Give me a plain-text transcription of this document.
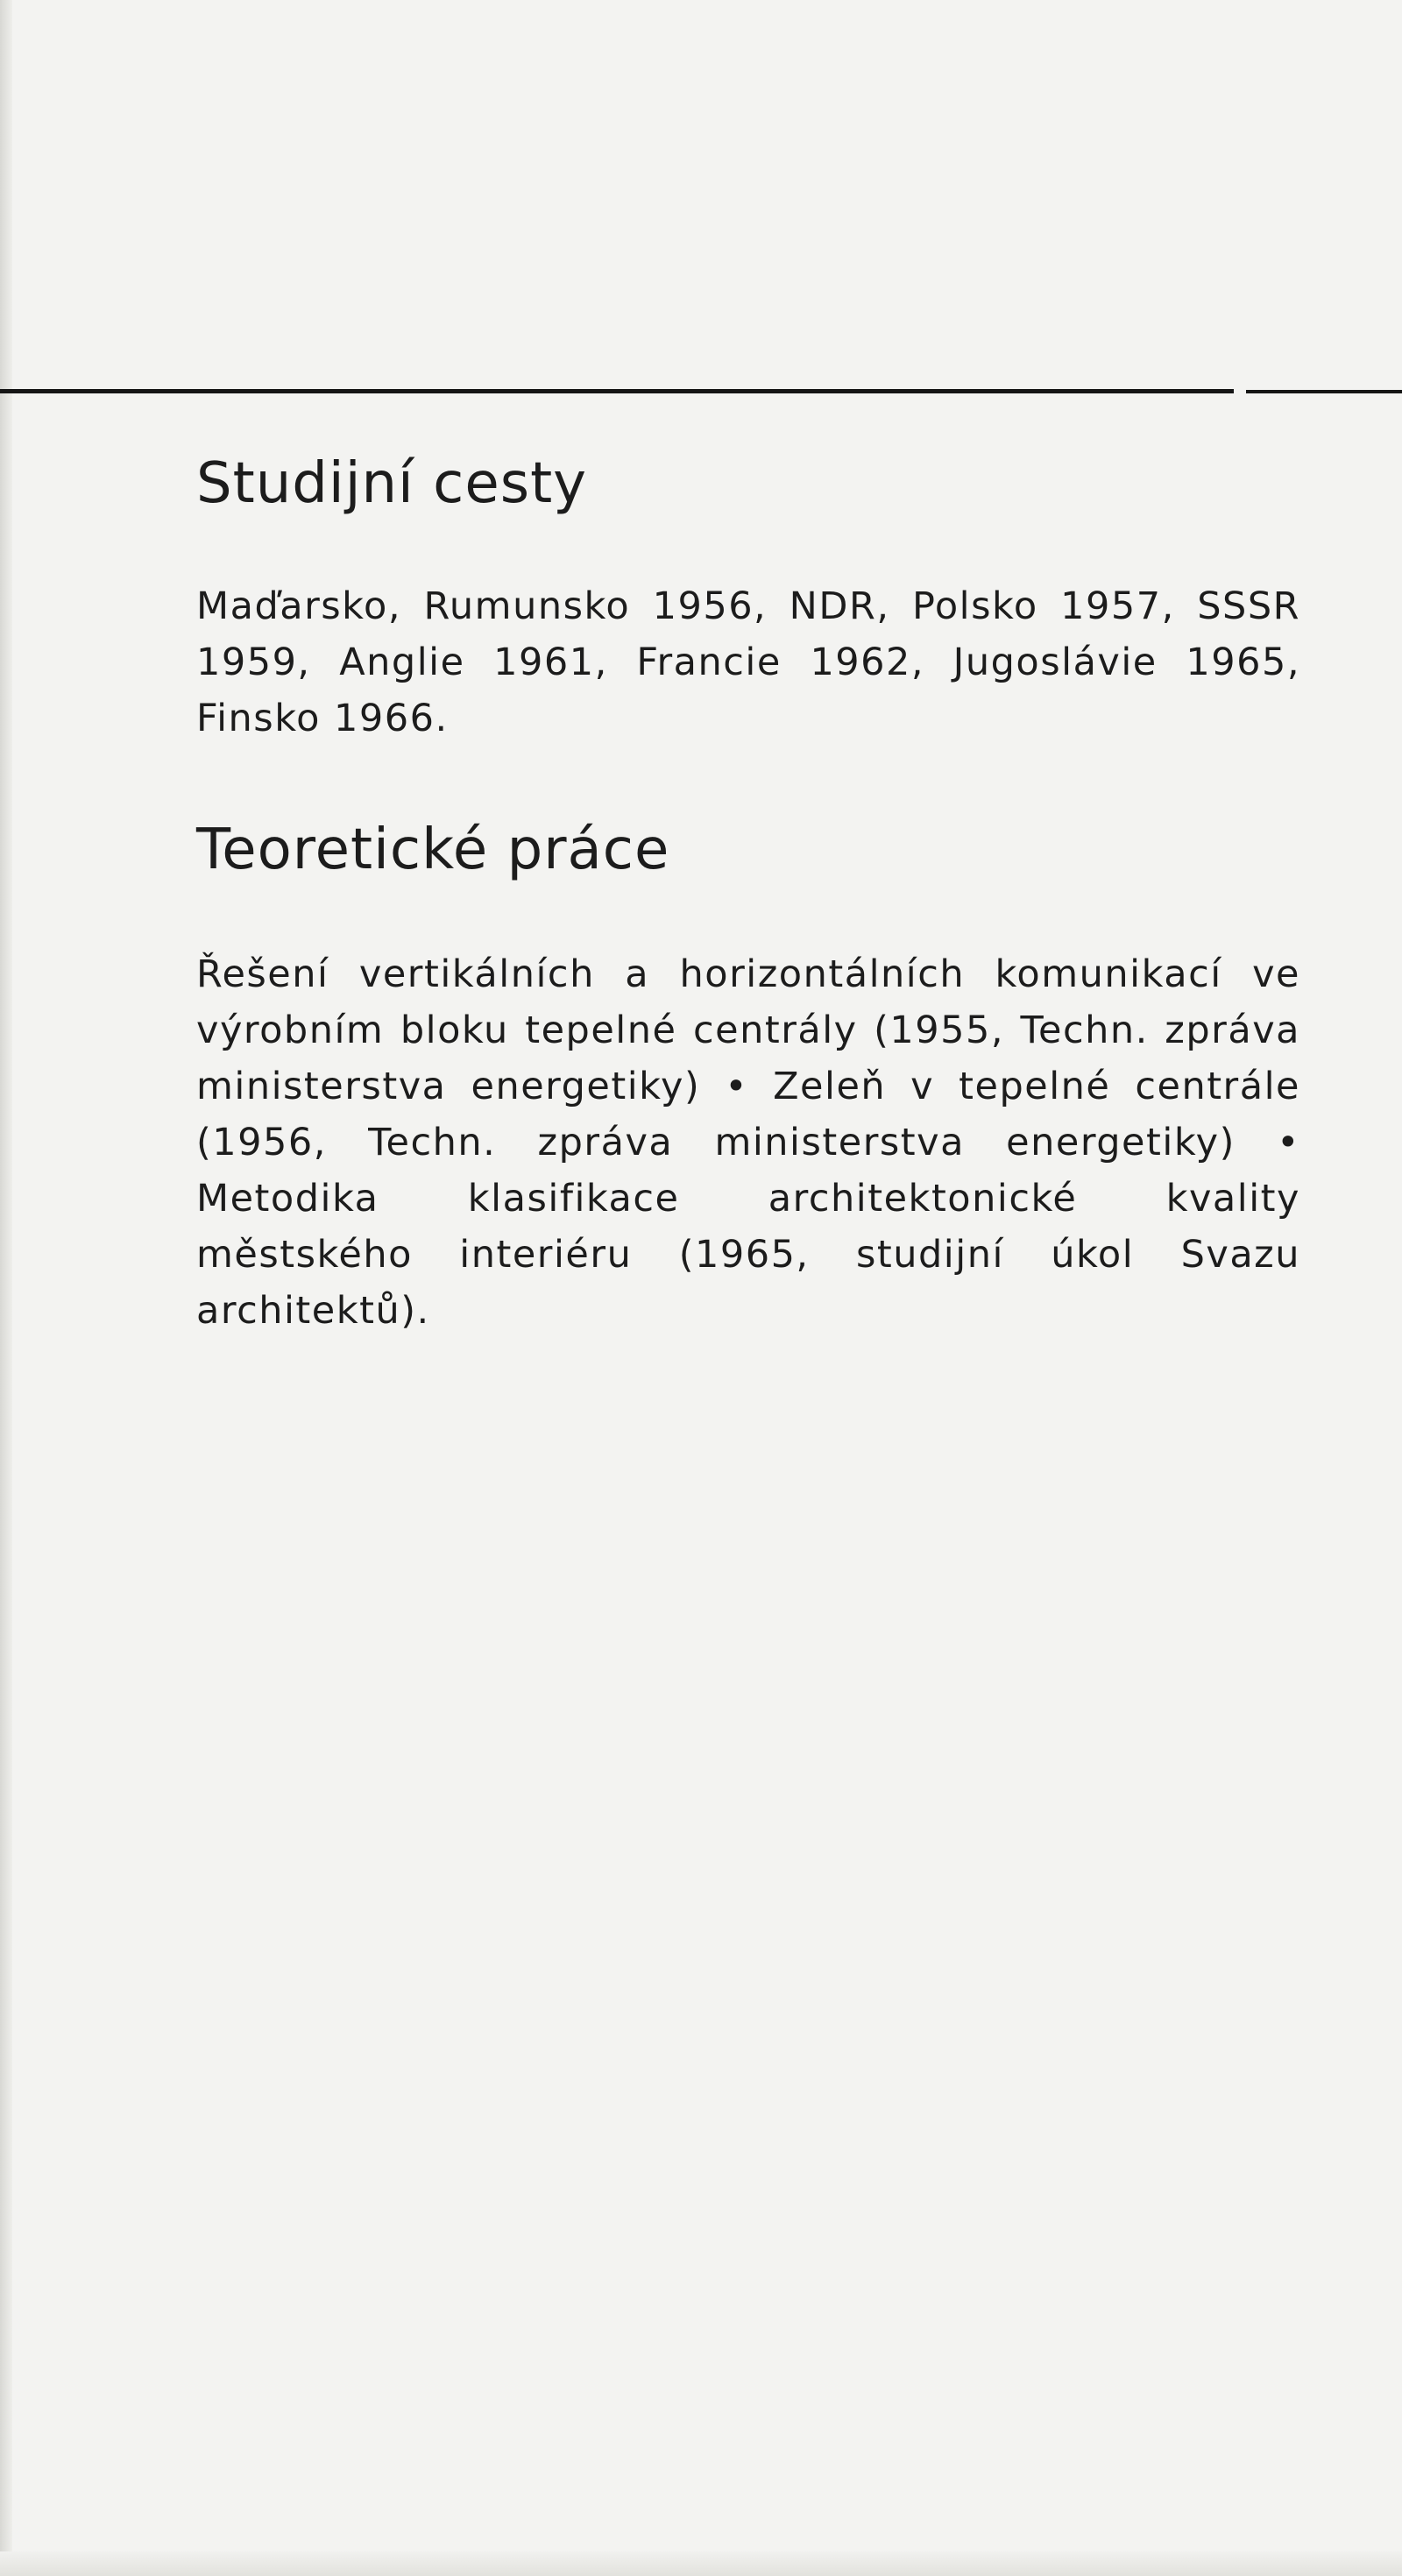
Studijní cesty

Maďarsko, Rumunsko 1956, NDR, Polsko 1957, SSSR 1959, Anglie 1961, Francie 1962, Jugoslávie 1965, Finsko 1966.

Teoretické práce

Řešení vertikálních a horizontálních komunikací ve výrobním bloku tepelné centrály (1955, Techn. zpráva ministerstva energetiky) • Zeleň v tepelné centrále (1956, Techn. zpráva ministerstva energetiky) • Metodika klasifikace architektonické kvality městského interiéru (1965, studijní úkol Svazu architektů).
